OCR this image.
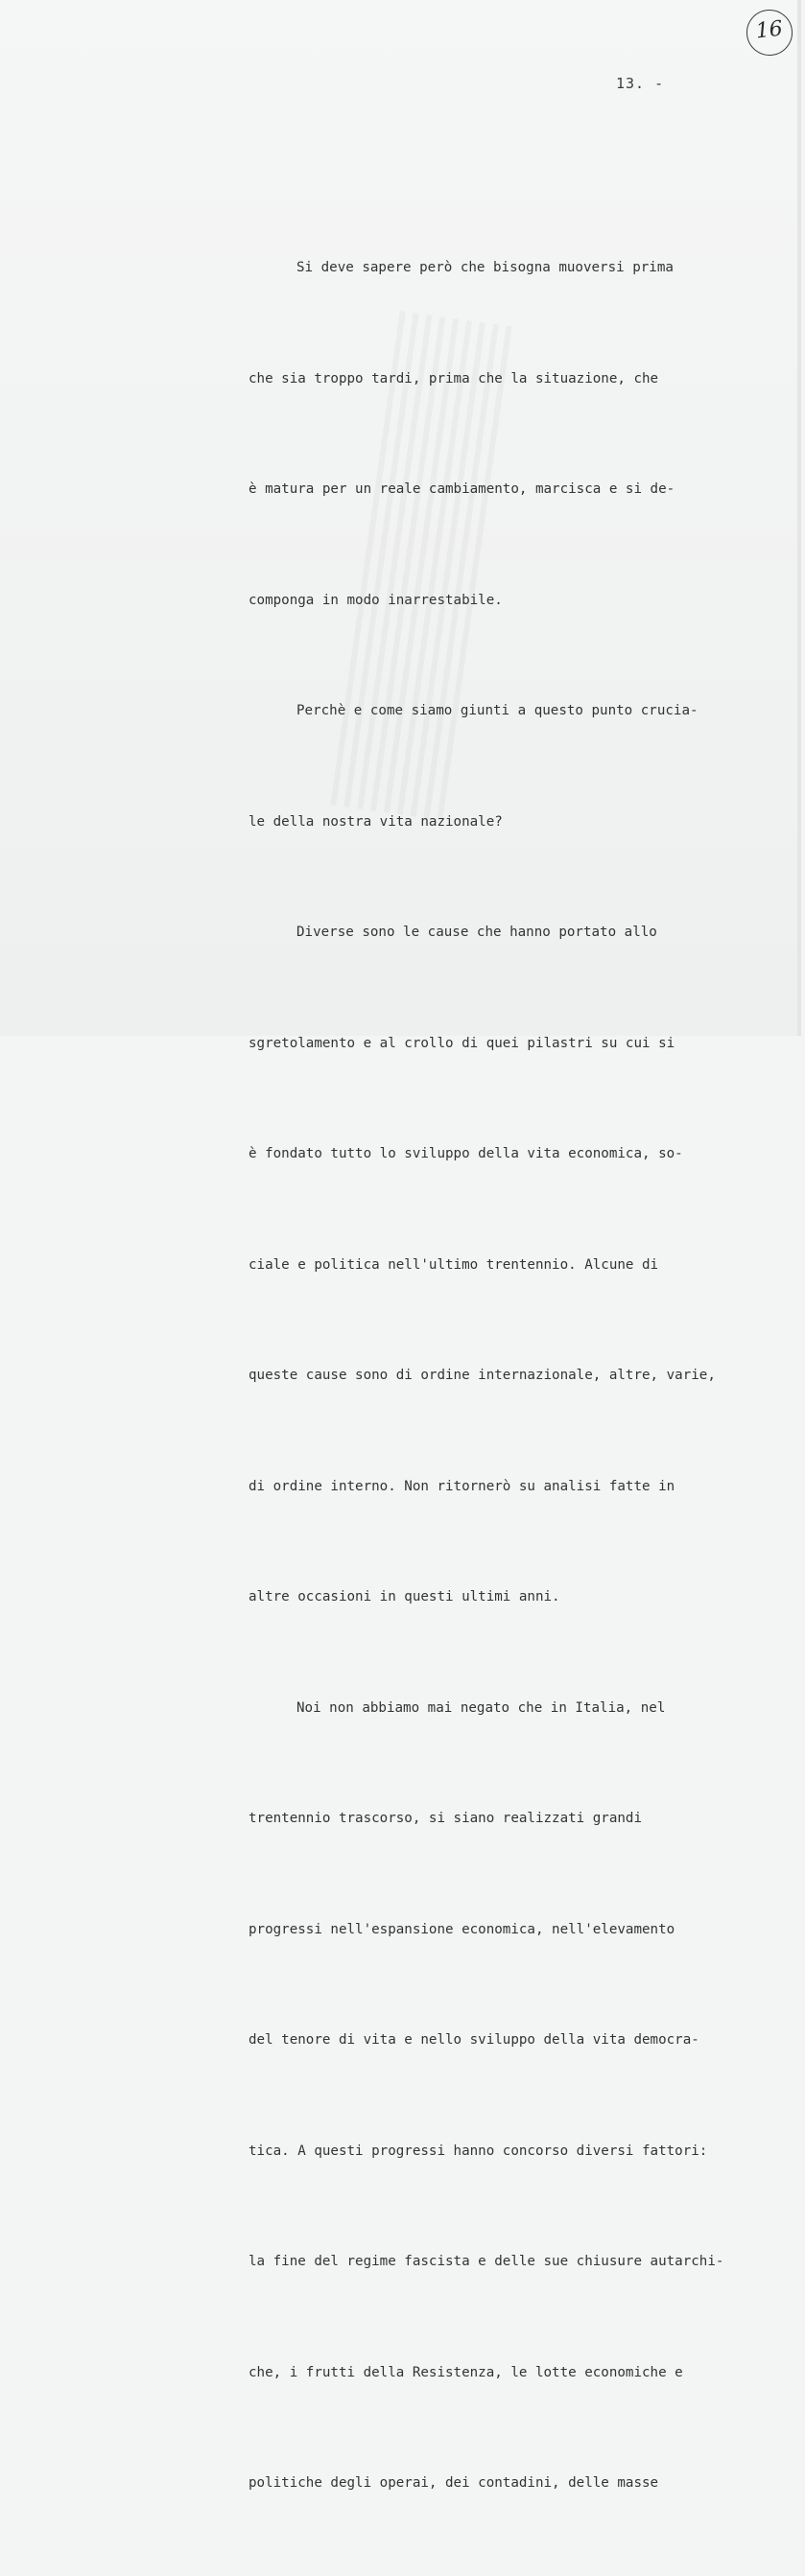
16
13. -

Si deve sapere però che bisogna muoversi prima

che sia troppo tardi, prima che la situazione, che

è matura per un reale cambiamento, marcisca e si de-

componga in modo inarrestabile.

Perchè e come siamo giunti a questo punto crucia-

le della nostra vita nazionale?

Diverse sono le cause che hanno portato allo

sgretolamento e al crollo di quei pilastri su cui si

è fondato tutto lo sviluppo della vita economica, so-

ciale e politica nell'ultimo trentennio. Alcune di

queste cause sono di ordine internazionale, altre, varie,

di ordine interno. Non ritornerò su analisi fatte in

altre occasioni in questi ultimi anni.

Noi non abbiamo mai negato che in Italia, nel

trentennio trascorso, si siano realizzati grandi

progressi nell'espansione economica, nell'elevamento

del tenore di vita e nello sviluppo della vita democra-

tica. A questi progressi hanno concorso diversi fattori:

la fine del regime fascista e delle sue chiusure autarchi-

che, i frutti della Resistenza, le lotte economiche e

politiche degli operai, dei contadini, delle masse
